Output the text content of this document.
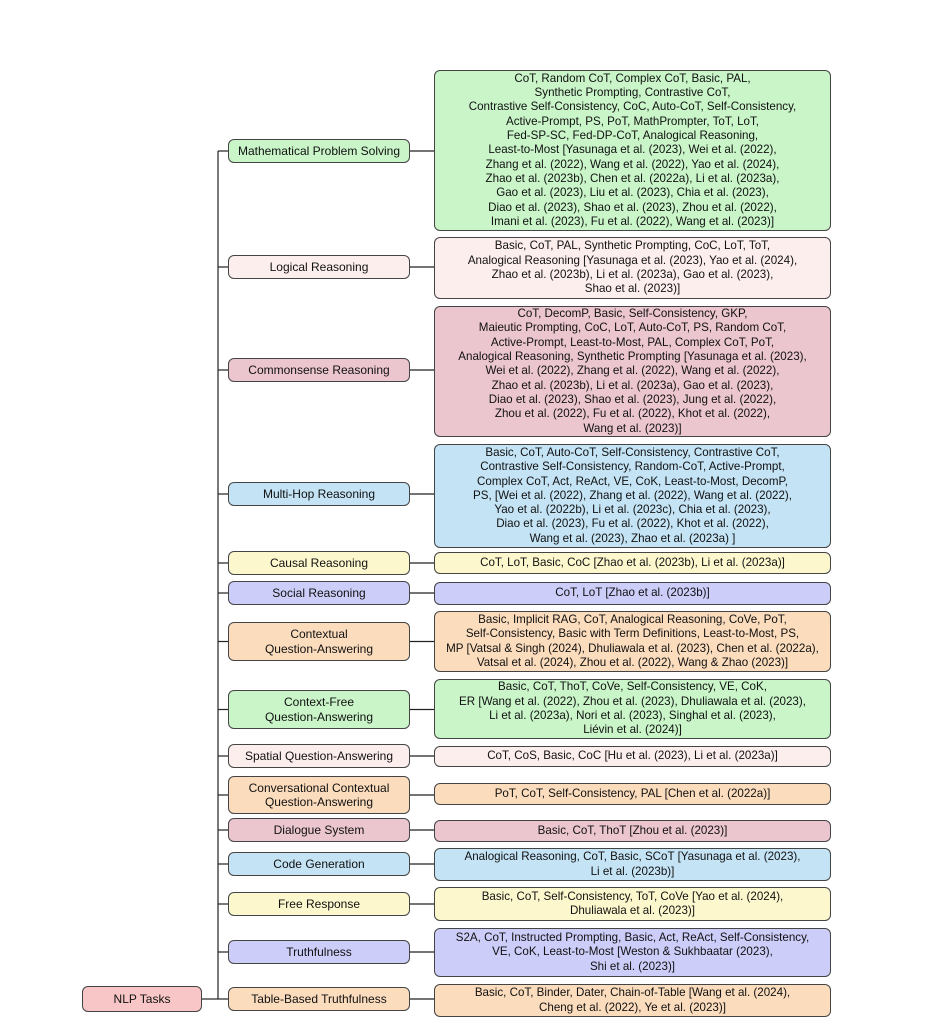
NLP Tasks
Mathematical Problem Solving
CoT, Random CoT, Complex CoT, Basic, PAL,
Synthetic Prompting, Contrastive CoT,
Contrastive Self-Consistency, CoC, Auto-CoT, Self-Consistency,
Active-Prompt, PS, PoT, MathPrompter, ToT, LoT,
Fed-SP-SC, Fed-DP-CoT, Analogical Reasoning,
Least-to-Most [Yasunaga et al. (2023), Wei et al. (2022),
Zhang et al. (2022), Wang et al. (2022), Yao et al. (2024),
Zhao et al. (2023b), Chen et al. (2022a), Li et al. (2023a),
Gao et al. (2023), Liu et al. (2023), Chia et al. (2023),
Diao et al. (2023), Shao et al. (2023), Zhou et al. (2022),
Imani et al. (2023), Fu et al. (2022), Wang et al. (2023)]
Logical Reasoning
Basic, CoT, PAL, Synthetic Prompting, CoC, LoT, ToT,
Analogical Reasoning [Yasunaga et al. (2023), Yao et al. (2024),
Zhao et al. (2023b), Li et al. (2023a), Gao et al. (2023),
Shao et al. (2023)]
Commonsense Reasoning
CoT, DecomP, Basic, Self-Consistency, GKP,
Maieutic Prompting, CoC, LoT, Auto-CoT, PS, Random CoT,
Active-Prompt, Least-to-Most, PAL, Complex CoT, PoT,
Analogical Reasoning, Synthetic Prompting [Yasunaga et al. (2023),
Wei et al. (2022), Zhang et al. (2022), Wang et al. (2022),
Zhao et al. (2023b), Li et al. (2023a), Gao et al. (2023),
Diao et al. (2023), Shao et al. (2023), Jung et al. (2022),
Zhou et al. (2022), Fu et al. (2022), Khot et al. (2022),
Wang et al. (2023)]
Multi-Hop Reasoning
Basic, CoT, Auto-CoT, Self-Consistency, Contrastive CoT,
Contrastive Self-Consistency, Random-CoT, Active-Prompt,
Complex CoT, Act, ReAct, VE, CoK, Least-to-Most, DecomP,
PS, [Wei et al. (2022), Zhang et al. (2022), Wang et al. (2022),
Yao et al. (2022b), Li et al. (2023c), Chia et al. (2023),
Diao et al. (2023), Fu et al. (2022), Khot et al. (2022),
Wang et al. (2023), Zhao et al. (2023a) ]
Causal Reasoning	CoT, LoT, Basic, CoC [Zhao et al. (2023b), Li et al. (2023a)]
Social Reasoning	CoT, LoT [Zhao et al. (2023b)]
Contextual
Question-Answering
Basic, Implicit RAG, CoT, Analogical Reasoning, CoVe, PoT,
Self-Consistency, Basic with Term Definitions, Least-to-Most, PS,
MP [Vatsal & Singh (2024), Dhuliawala et al. (2023), Chen et al. (2022a),
Vatsal et al. (2024), Zhou et al. (2022), Wang & Zhao (2023)]
Context-Free
Question-Answering
Basic, CoT, ThoT, CoVe, Self-Consistency, VE, CoK,
ER [Wang et al. (2022), Zhou et al. (2023), Dhuliawala et al. (2023),
Li et al. (2023a), Nori et al. (2023), Singhal et al. (2023),
Liévin et al. (2024)]
Spatial Question-Answering	CoT, CoS, Basic, CoC [Hu et al. (2023), Li et al. (2023a)]
Conversational Contextual
Question-Answering
PoT, CoT, Self-Consistency, PAL [Chen et al. (2022a)]
Dialogue System	Basic, CoT, ThoT [Zhou et al. (2023)]
Code Generation
Analogical Reasoning, CoT, Basic, SCoT [Yasunaga et al. (2023),
Li et al. (2023b)]
Free Response
Basic, CoT, Self-Consistency, ToT, CoVe [Yao et al. (2024),
Dhuliawala et al. (2023)]
Truthfulness
S2A, CoT, Instructed Prompting, Basic, Act, ReAct, Self-Consistency,
VE, CoK, Least-to-Most [Weston & Sukhbaatar (2023),
Shi et al. (2023)]
Table-Based Truthfulness	Basic, CoT, Binder, Dater, Chain-of-Table [Wang et al. (2024),
Cheng et al. (2022), Ye et al. (2023)]
